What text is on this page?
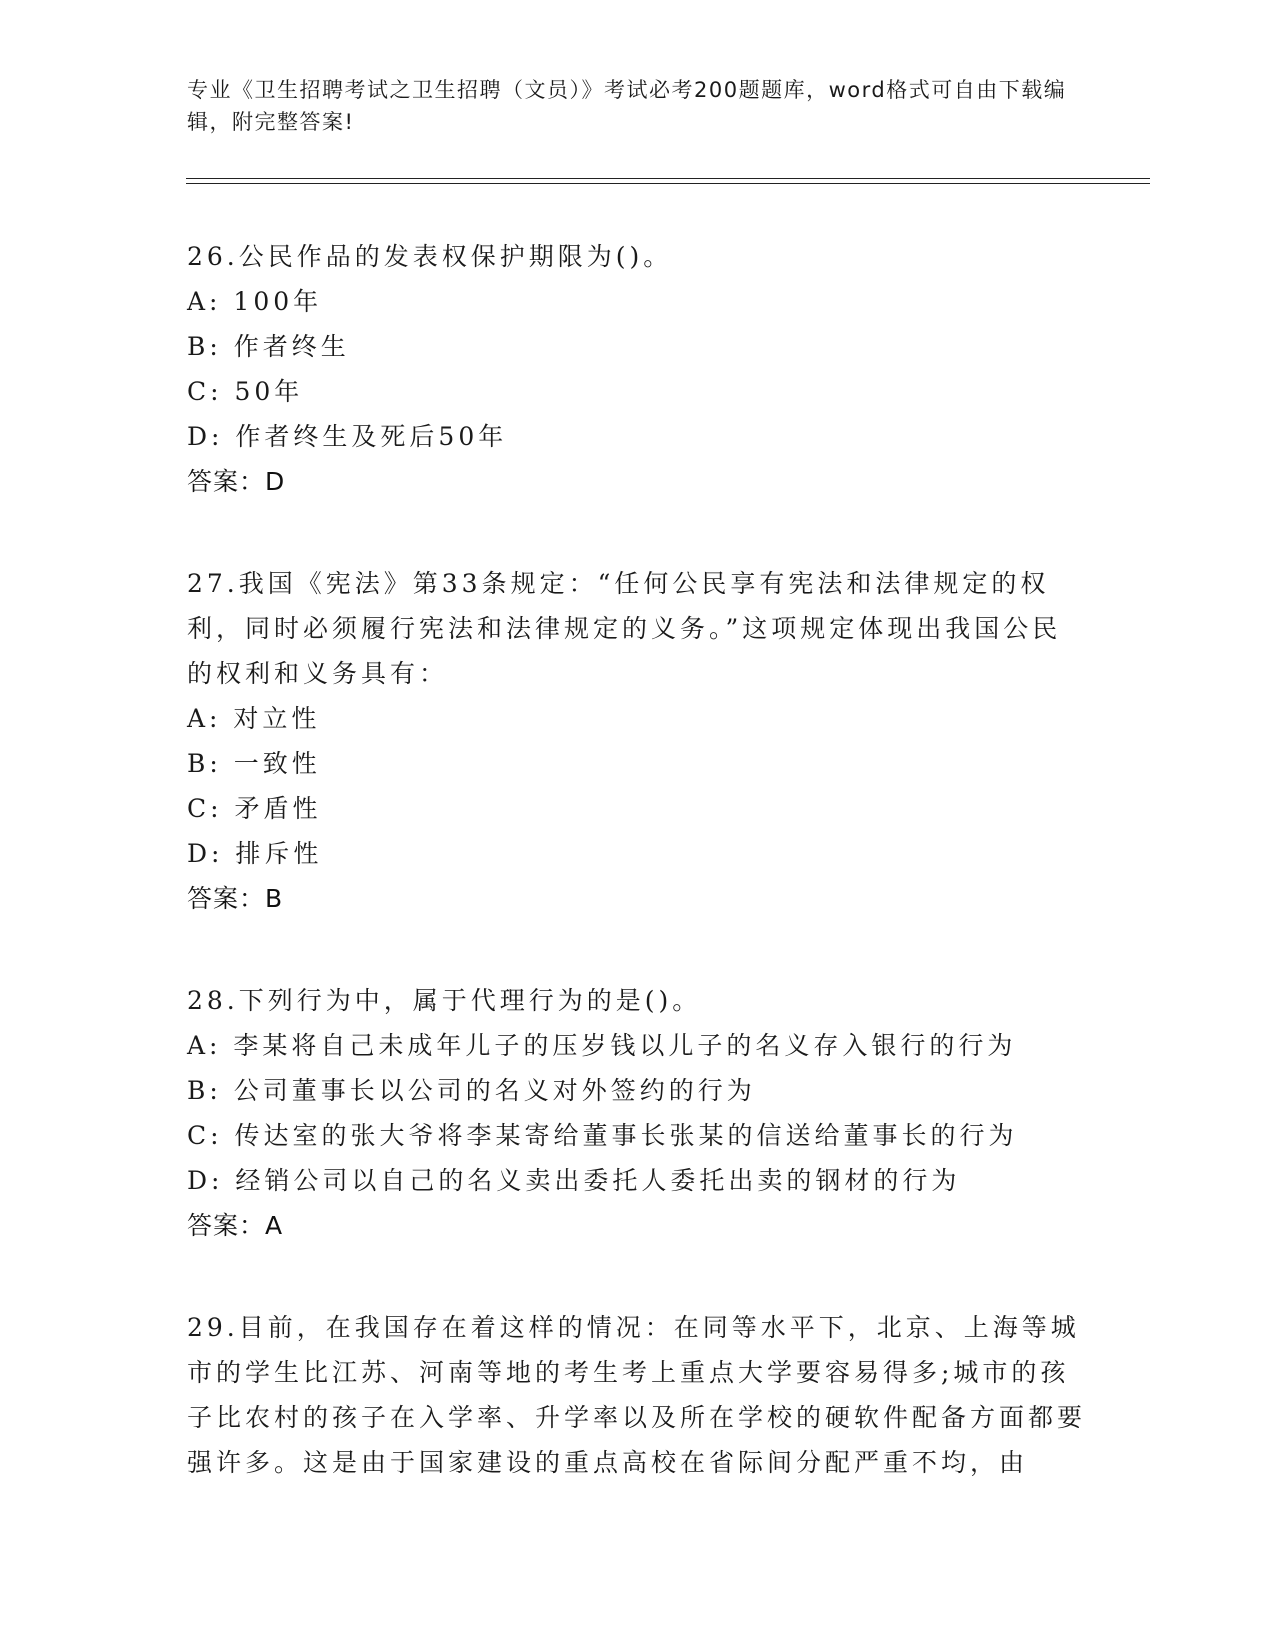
专业《卫生招聘考试之卫生招聘（文员）》考试必考200题题库，word格式可自由下载编辑，附完整答案!

26.公民作品的发表权保护期限为()。

A: 100年

B: 作者终生

C: 50年

D: 作者终生及死后50年

答案：D

27.我国《宪法》第33条规定：“任何公民享有宪法和法律规定的权利，同时必须履行宪法和法律规定的义务。”这项规定体现出我国公民的权利和义务具有：

A: 对立性

B: 一致性

C: 矛盾性

D: 排斥性

答案：B

28.下列行为中，属于代理行为的是()。

A: 李某将自己未成年儿子的压岁钱以儿子的名义存入银行的行为

B: 公司董事长以公司的名义对外签约的行为

C: 传达室的张大爷将李某寄给董事长张某的信送给董事长的行为

D: 经销公司以自己的名义卖出委托人委托出卖的钢材的行为

答案：A

29.目前，在我国存在着这样的情况：在同等水平下，北京、上海等城市的学生比江苏、河南等地的考生考上重点大学要容易得多;城市的孩子比农村的孩子在入学率、升学率以及所在学校的硬软件配备方面都要强许多。这是由于国家建设的重点高校在省际间分配严重不均，由
